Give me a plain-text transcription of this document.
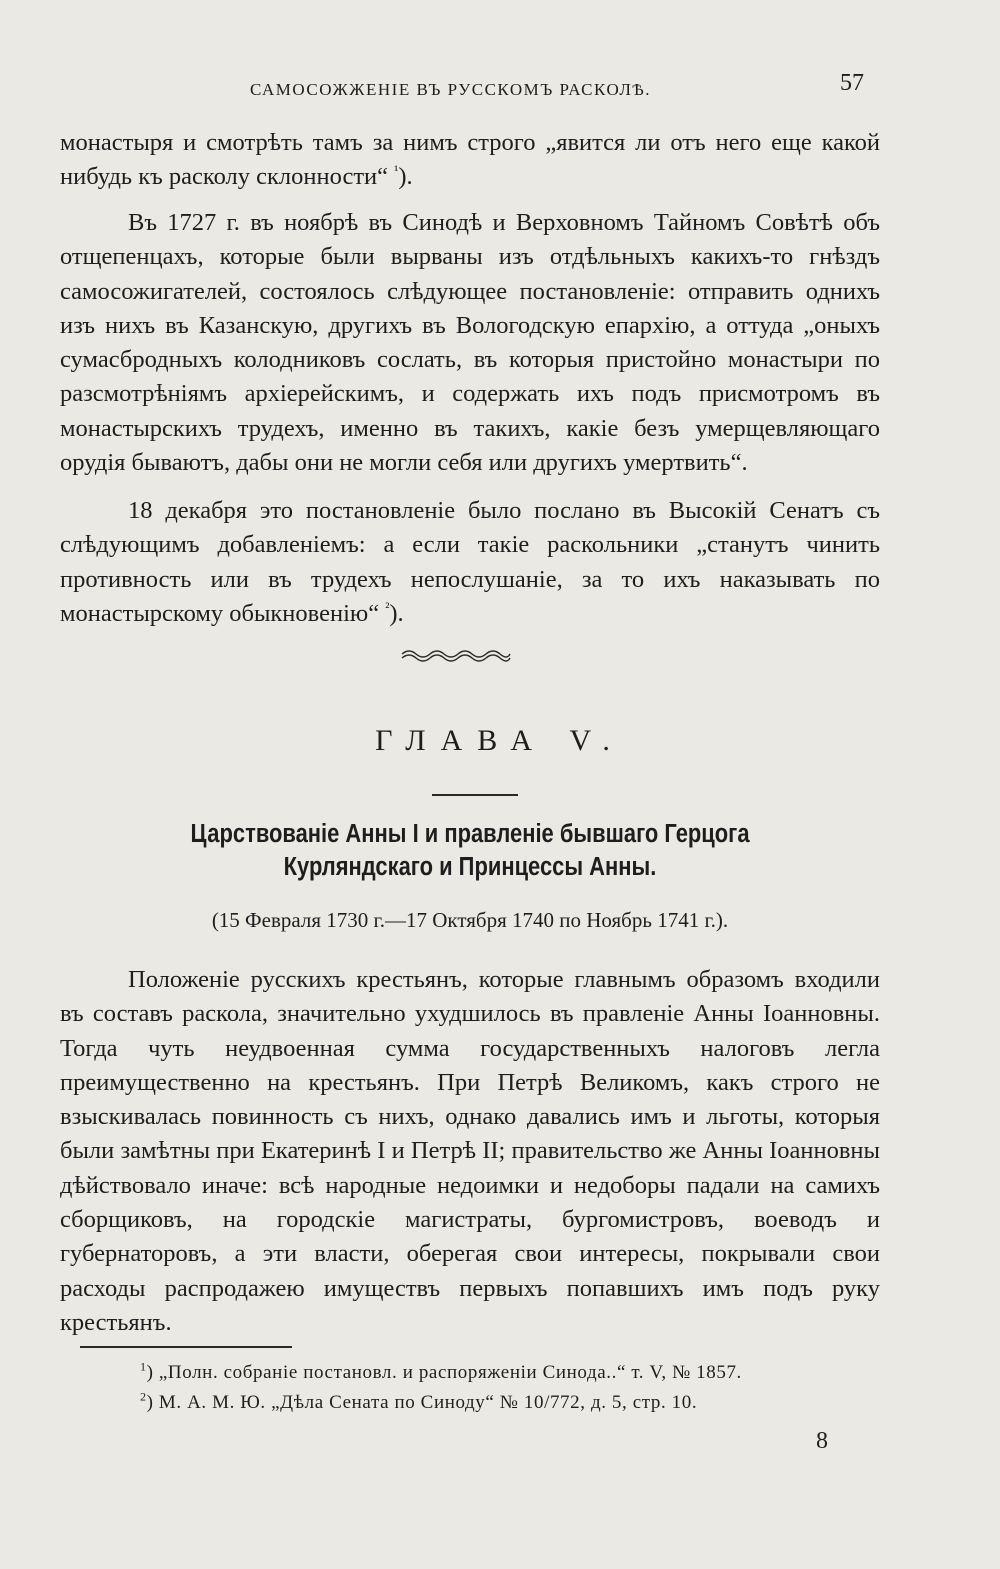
САМОСОЖЖЕНІЕ ВЪ РУССКОМЪ РАСКОЛѢ.	57

монастыря и смотрѣть тамъ за нимъ строго „явится ли отъ него еще какой нибудь къ расколу склонности“ $^{^1}$).

Въ 1727 г. въ ноябрѣ въ Синодѣ и Верховномъ Тайномъ Совѣтѣ объ отщепенцахъ, которые были вырваны изъ отдѣльныхъ какихъ-то гнѣздъ самосожигателей, состоялось слѣдующее постановленіе: отправить однихъ изъ нихъ въ Казанскую, другихъ въ Вологодскую епархію, а оттуда „оныхъ сумасбродныхъ колодниковъ сослать, въ которыя пристойно монастыри по разсмотрѣніямъ архіерейскимъ, и содержать ихъ подъ присмотромъ въ монастырскихъ трудехъ, именно въ такихъ, какіе безъ умерщевляющаго орудія бываютъ, дабы они не могли себя или другихъ умертвить“.

18 декабря это постановленіе было послано въ Высокій Сенатъ съ слѣдующимъ добавленіемъ: а если такіе раскольники „станутъ чинить противность или въ трудехъ непослушаніе, за то ихъ наказывать по монастырскому обыкновенію“ $^{^2}$).

ГЛАВА V.
Царствованіе Анны I и правленіе бывшаго Герцога Курляндскаго и Принцессы Анны.
(15 Февраля 1730 г.—17 Октября 1740 по Ноябрь 1741 г.).

Положеніе русскихъ крестьянъ, которые главнымъ образомъ входили въ составъ раскола, значительно ухудшилось въ правленіе Анны Іоанновны. Тогда чуть неудвоенная сумма государственныхъ налоговъ легла преимущественно на крестьянъ. При Петрѣ Великомъ, какъ строго не взыскивалась повинность съ нихъ, однако давались имъ и льготы, которыя были замѣтны при Екатеринѣ I и Петрѣ II; правительство же Анны Іоанновны дѣйствовало иначе: всѣ народные недоимки и недоборы падали на самихъ сборщиковъ, на городскіе магистраты, бургомистровъ, воеводъ и губернаторовъ, а эти власти, оберегая свои интересы, покрывали свои расходы распродажею имуществъ первыхъ попавшихъ имъ подъ руку крестьянъ.

$^1$) „Полн. собраніе постановл. и распоряженіи Синода..“ т. V, № 1857.
$^2$) М. А. М. Ю. „Дѣла Сената по Синоду“ № 10/772, д. 5, стр. 10.
8
